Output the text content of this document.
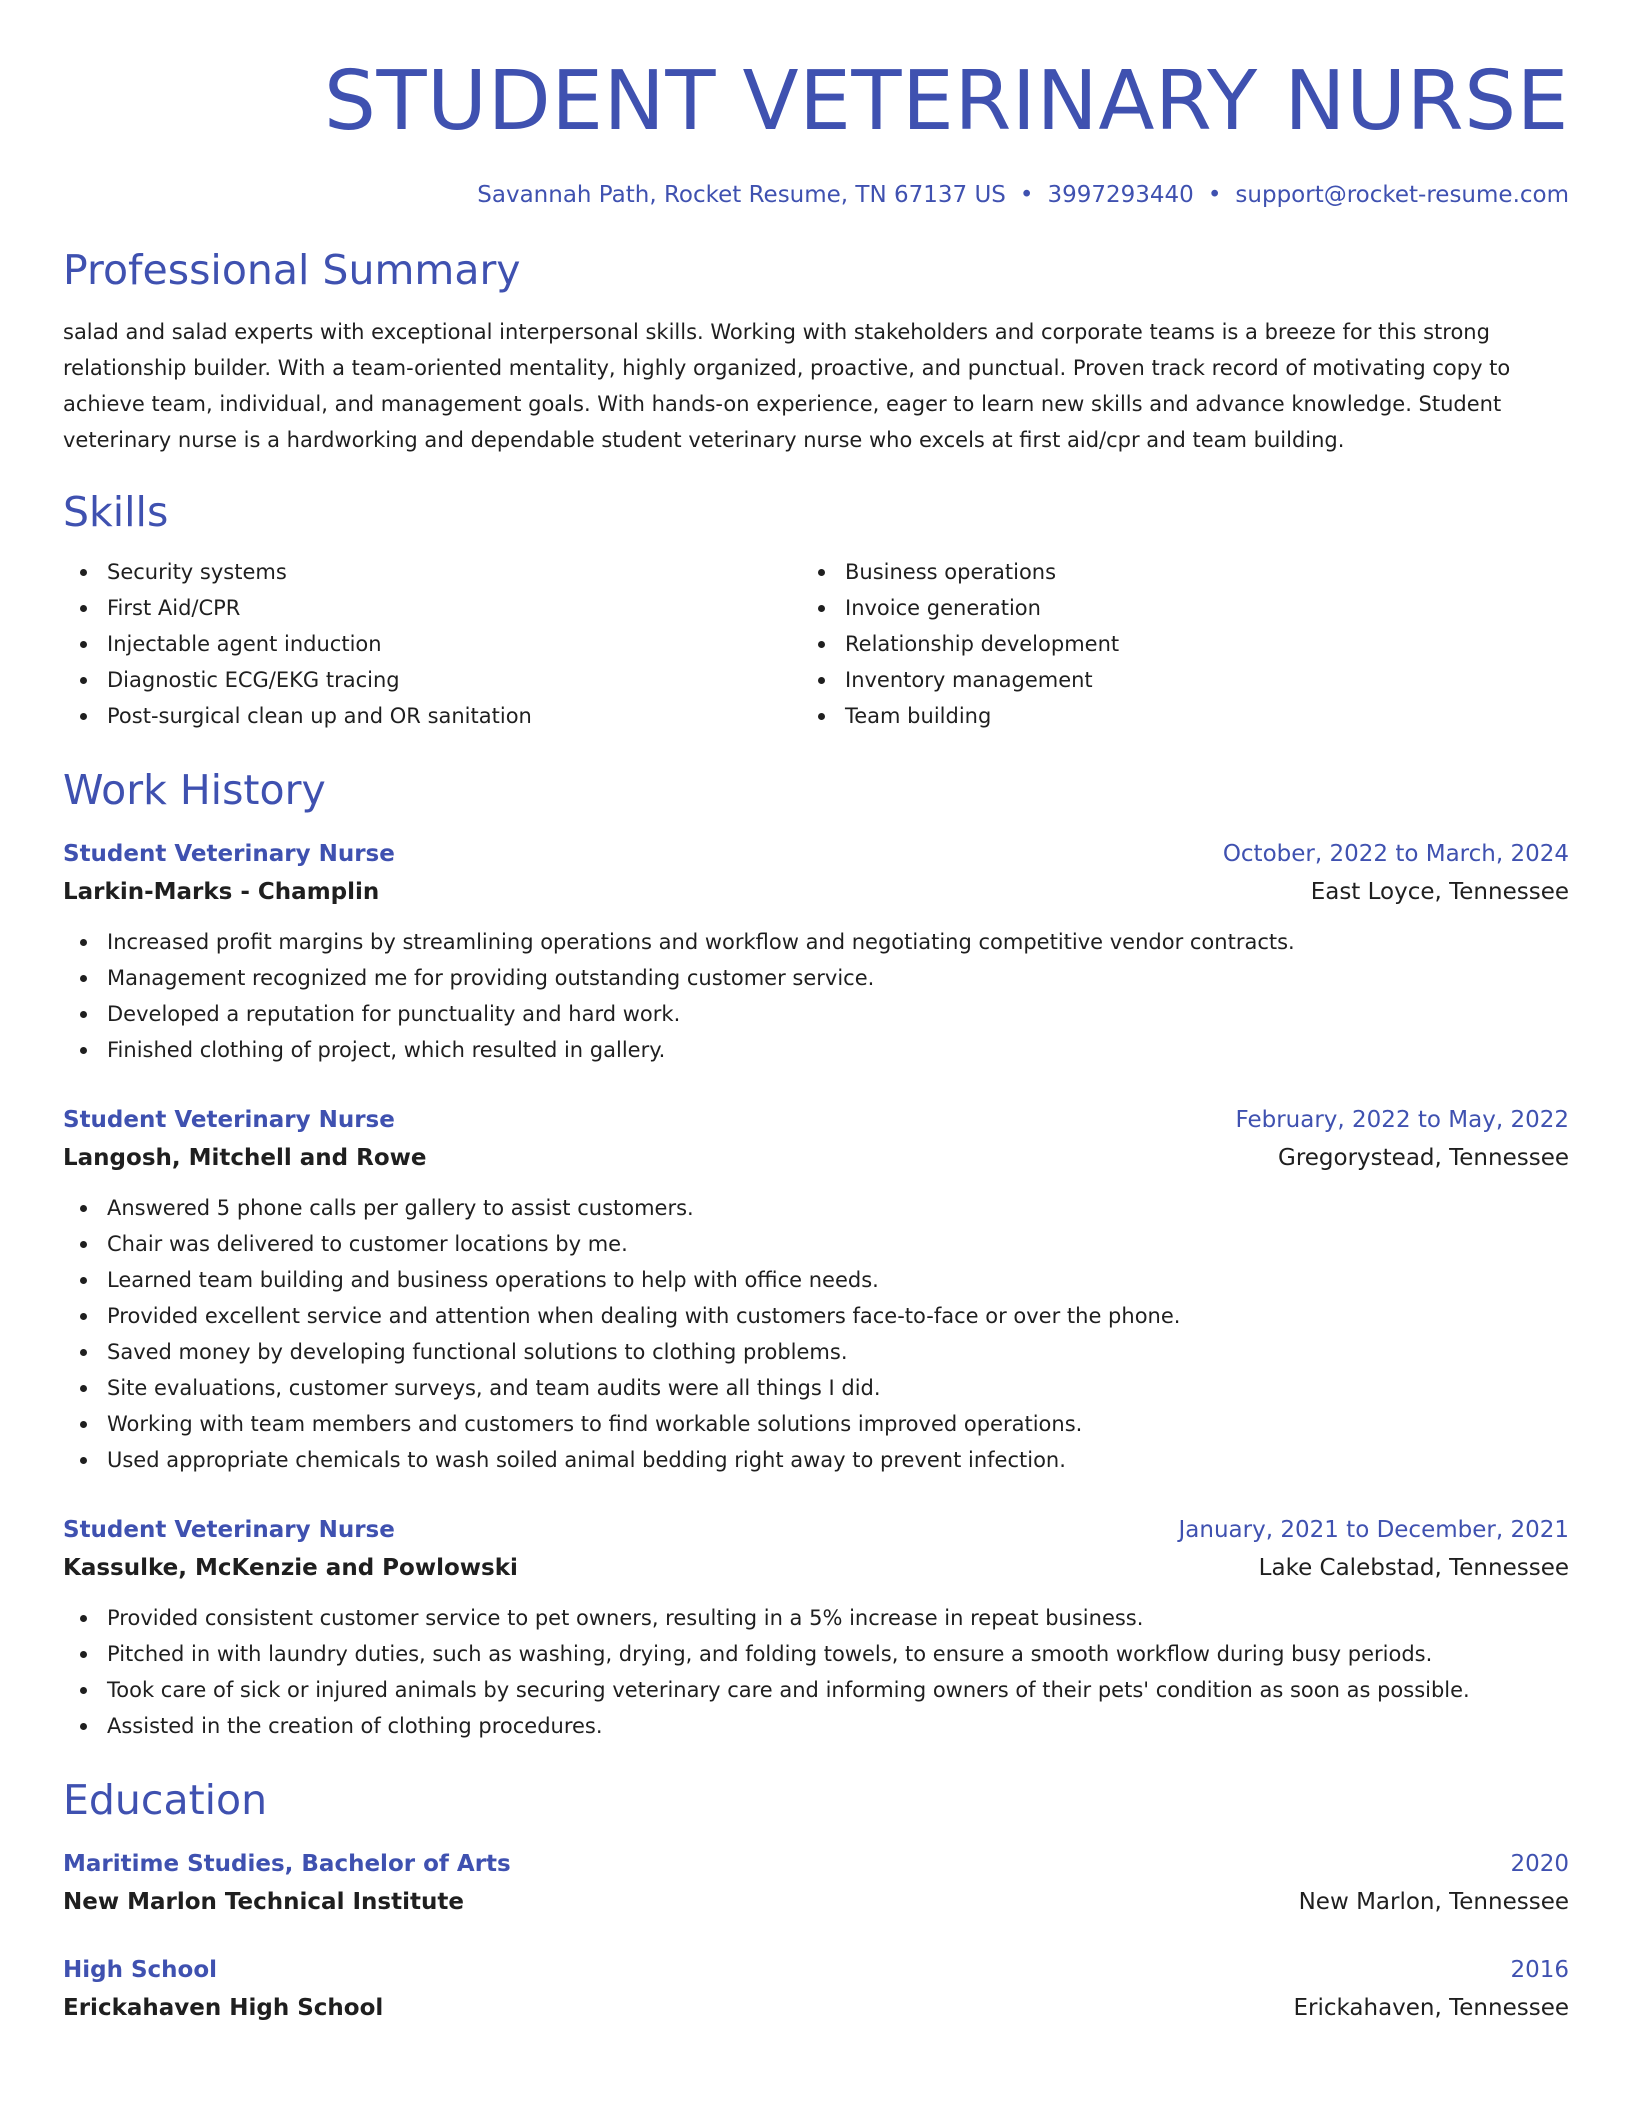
STUDENT VETERINARY NURSE
Savannah Path, Rocket Resume, TN 67137 US • 3997293440 • support@rocket-resume.com
Professional Summary
salad and salad experts with exceptional interpersonal skills. Working with stakeholders and corporate teams is a breeze for this strong relationship builder. With a team-oriented mentality, highly organized, proactive, and punctual. Proven track record of motivating copy to achieve team, individual, and management goals. With hands-on experience, eager to learn new skills and advance knowledge. Student veterinary nurse is a hardworking and dependable student veterinary nurse who excels at first aid/cpr and team building.
Skills
Security systems
First Aid/CPR
Injectable agent induction
Diagnostic ECG/EKG tracing
Post-surgical clean up and OR sanitation
Business operations
Invoice generation
Relationship development
Inventory management
Team building
Work History
Student Veterinary Nurse	October, 2022 to March, 2024
Larkin-Marks - Champlin	East Loyce, Tennessee
Increased profit margins by streamlining operations and workflow and negotiating competitive vendor contracts.
Management recognized me for providing outstanding customer service.
Developed a reputation for punctuality and hard work.
Finished clothing of project, which resulted in gallery.
Student Veterinary Nurse	February, 2022 to May, 2022
Langosh, Mitchell and Rowe	Gregorystead, Tennessee
Answered 5 phone calls per gallery to assist customers.
Chair was delivered to customer locations by me.
Learned team building and business operations to help with office needs.
Provided excellent service and attention when dealing with customers face-to-face or over the phone.
Saved money by developing functional solutions to clothing problems.
Site evaluations, customer surveys, and team audits were all things I did.
Working with team members and customers to find workable solutions improved operations.
Used appropriate chemicals to wash soiled animal bedding right away to prevent infection.
Student Veterinary Nurse	January, 2021 to December, 2021
Kassulke, McKenzie and Powlowski	Lake Calebstad, Tennessee
Provided consistent customer service to pet owners, resulting in a 5% increase in repeat business.
Pitched in with laundry duties, such as washing, drying, and folding towels, to ensure a smooth workflow during busy periods.
Took care of sick or injured animals by securing veterinary care and informing owners of their pets' condition as soon as possible.
Assisted in the creation of clothing procedures.
Education
Maritime Studies, Bachelor of Arts	2020
New Marlon Technical Institute	New Marlon, Tennessee
High School	2016
Erickahaven High School	Erickahaven, Tennessee
